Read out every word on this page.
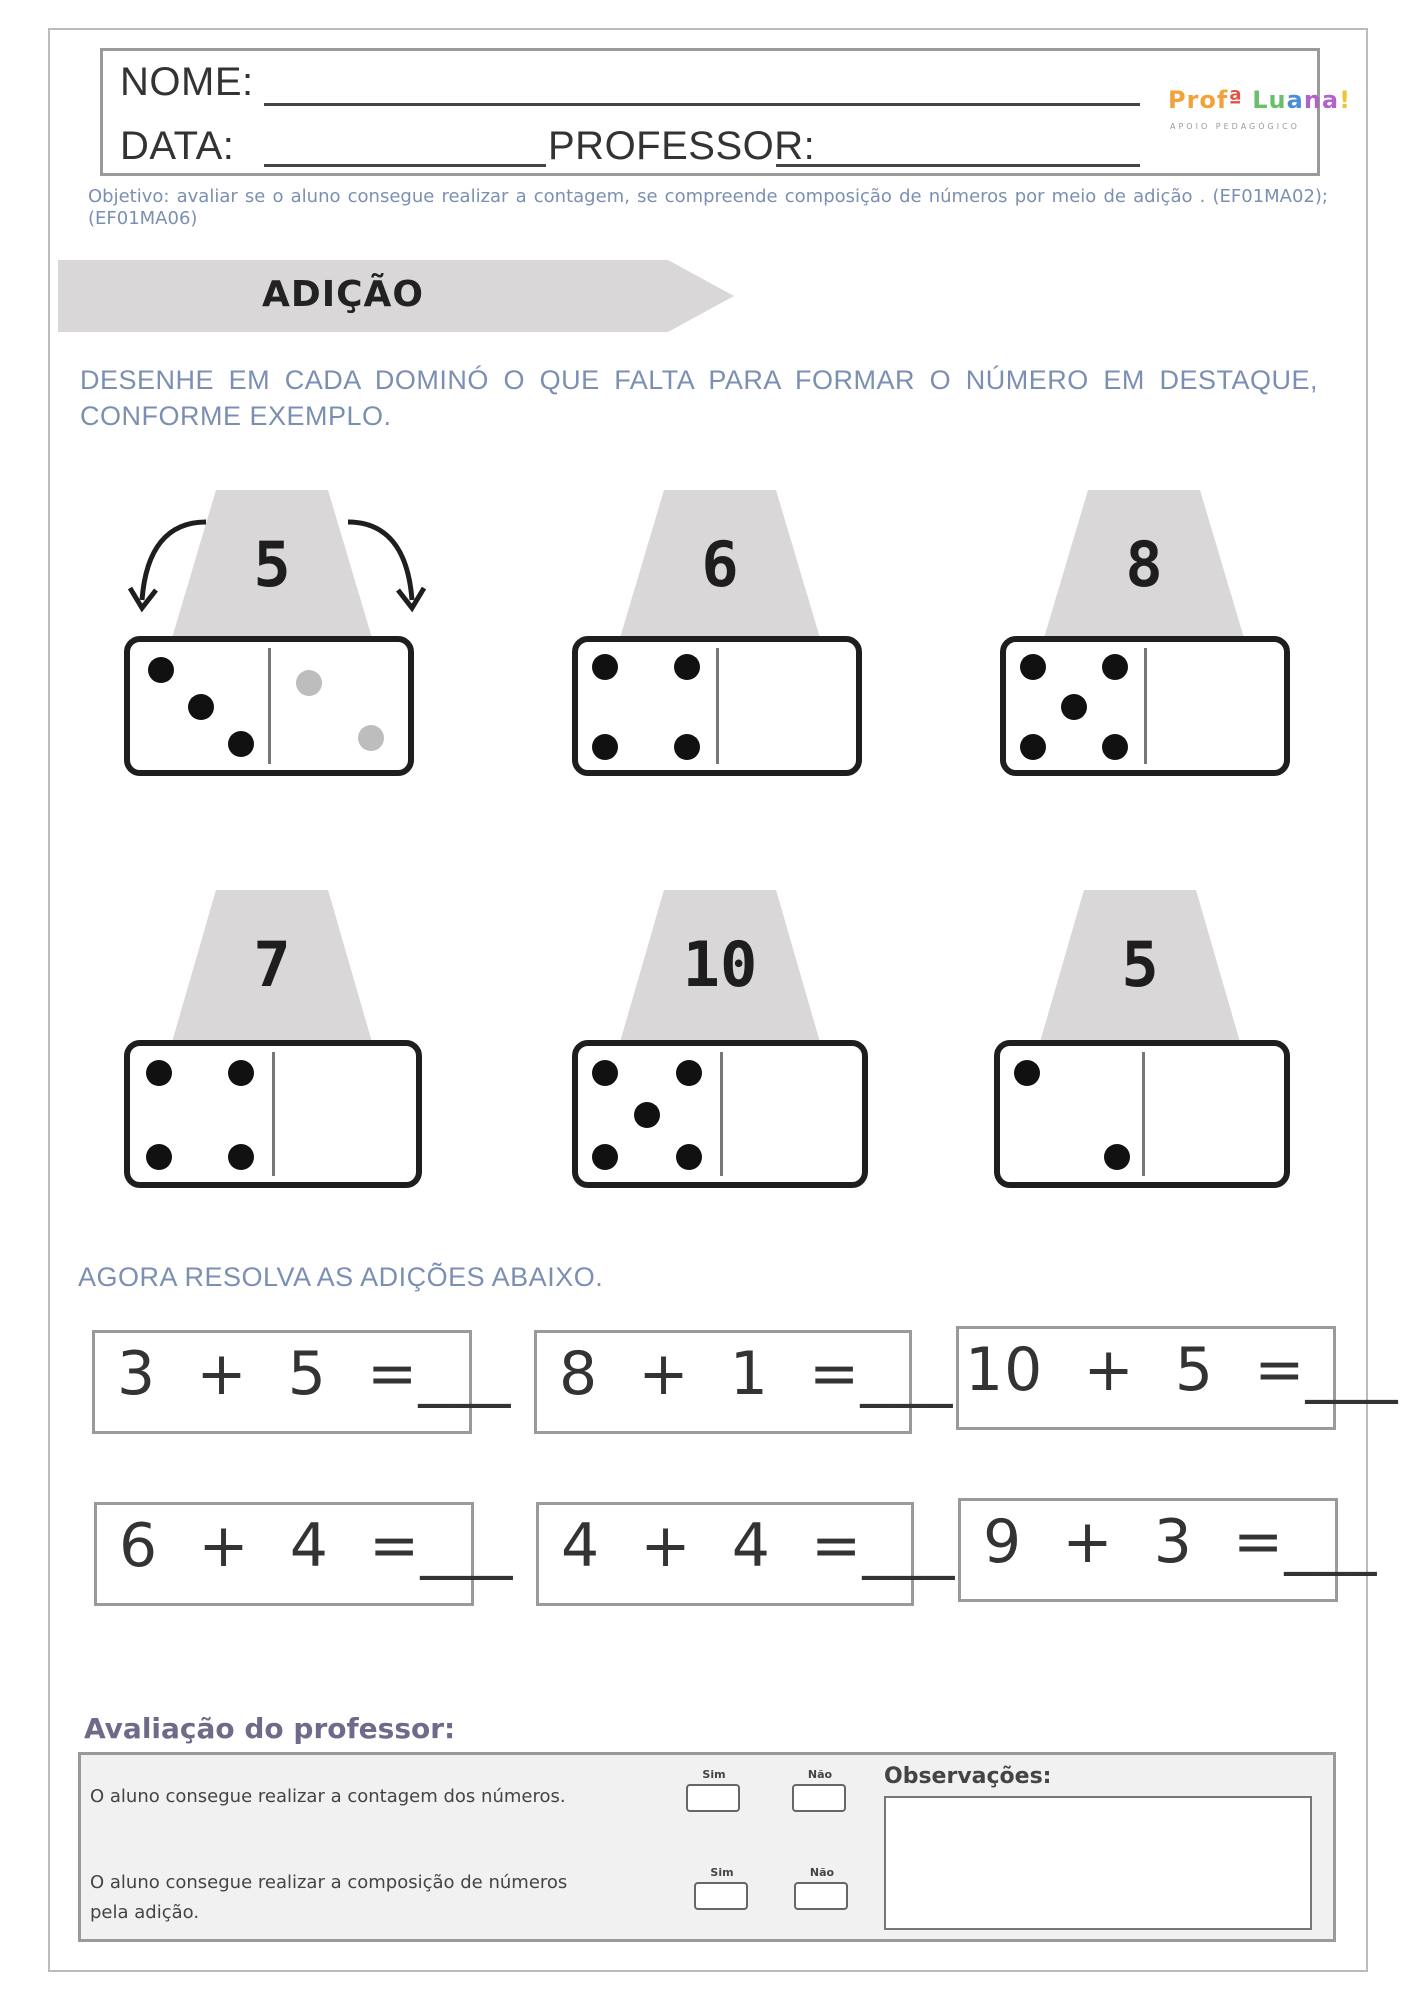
NOME:
DATA:	PROFESSOR:
Profª Luana!
APOIO PEDAGÓGICO
Objetivo: avaliar se o aluno consegue realizar a contagem, se compreende composição de números por meio de adição . (EF01MA02); (EF01MA06)
ADIÇÃO
DESENHE EM CADA DOMINÓ O QUE FALTA PARA FORMAR O NÚMERO EM DESTAQUE, CONFORME EXEMPLO.
5	6	8
7	10	5
AGORA RESOLVA AS ADIÇÕES ABAIXO.
3  +  5  =___ 8  +  1  =___ 10  +  5  =___
6  +  4  =___ 4  +  4  =___ 9  +  3  =___
Avaliação do professor:
O aluno consegue realizar a contagem dos números.
Sim	Não
O aluno consegue realizar a composição de números
pela adição.
Sim	Não
Observações:
